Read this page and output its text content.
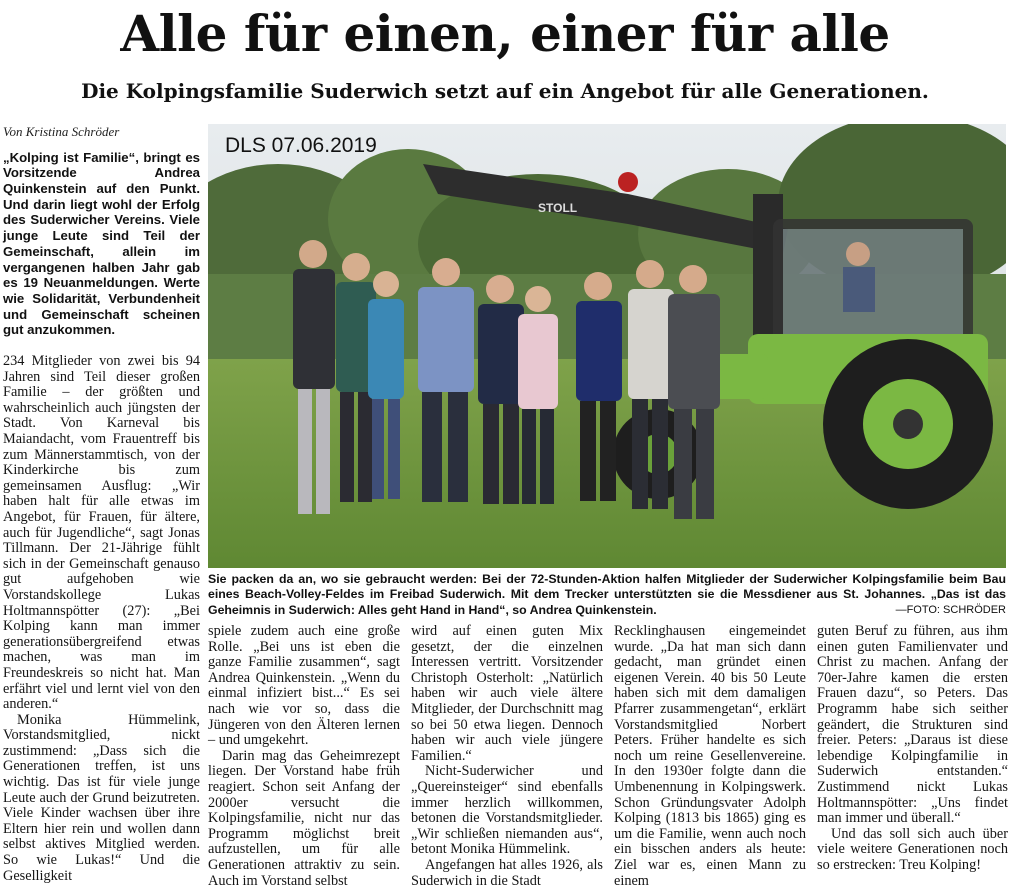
Alle für einen, einer für alle
Die Kolpingsfamilie Suderwich setzt auf ein Angebot für alle Generationen.
Von Kristina Schröder
„Kolping ist Familie“, bringt es Vorsitzende Andrea Quinkenstein auf den Punkt. Und darin liegt wohl der Erfolg des Suderwicher Vereins. Viele junge Leute sind Teil der Gemeinschaft, allein im vergangenen halben Jahr gab es 19 Neuanmeldungen. Werte wie Solidarität, Verbundenheit und Gemeinschaft scheinen gut anzukommen.

234 Mitglieder von zwei bis 94 Jahren sind Teil dieser großen Familie – der größten und wahrscheinlich auch jüngsten der Stadt. Von Karneval bis Maiandacht, vom Frauentreff bis zum Männerstammtisch, von der Kinderkirche bis zum gemeinsamen Ausflug: „Wir haben halt für alle etwas im Angebot, für Frauen, für ältere, auch für Jugendliche“, sagt Jonas Tillmann. Der 21-Jährige fühlt sich in der Gemeinschaft genauso gut aufgehoben wie Vorstandskollege Lukas Holtmannspötter (27): „Bei Kolping kann man immer generationsübergreifend etwas machen, was man im Freundeskreis so nicht hat. Man erfährt viel und lernt viel von den anderen.“

Monika Hümmelink, Vorstandsmitglied, nickt zustimmend: „Dass sich die Generationen treffen, ist uns wichtig. Das ist für viele junge Leute auch der Grund beizutreten. Viele Kinder wachsen über ihre Eltern hier rein und wollen dann selbst aktives Mitglied werden. So wie Lukas!“ Und die Geselligkeit

STOLL
DLS 07.06.2019
Sie packen da an, wo sie gebraucht werden: Bei der 72-Stunden-Aktion halfen Mitglieder der Suderwicher Kolpingsfamilie beim Bau eines Beach-Volley-Feldes im Freibad Suderwich. Mit dem Trecker unterstützten sie die Messdiener aus St. Johannes. „Das ist das Geheimnis in Suderwich: Alles geht Hand in Hand“, so Andrea Quinkenstein.	—FOTO: SCHRÖDER

spiele zudem auch eine große Rolle. „Bei uns ist eben die ganze Familie zusammen“, sagt Andrea Quinkenstein. „Wenn du einmal infiziert bist...“ Es sei nach wie vor so, dass die Jüngeren von den Älteren lernen – und umgekehrt.

Darin mag das Geheimrezept liegen. Der Vorstand habe früh reagiert. Schon seit Anfang der 2000er versucht die Kolpingsfamilie, nicht nur das Programm möglichst breit aufzustellen, um für alle Generationen attraktiv zu sein. Auch im Vorstand selbst

wird auf einen guten Mix gesetzt, der die einzelnen Interessen vertritt. Vorsitzender Christoph Osterholt: „Natürlich haben wir auch viele ältere Mitglieder, der Durchschnitt mag so bei 50 etwa liegen. Dennoch haben wir auch viele jüngere Familien.“

Nicht-Suderwicher und „Quereinsteiger“ sind ebenfalls immer herzlich willkommen, betonen die Vorstandsmitglieder. „Wir schließen niemanden aus“, betont Monika Hümmelink.

Angefangen hat alles 1926, als Suderwich in die Stadt

Recklinghausen eingemeindet wurde. „Da hat man sich dann gedacht, man gründet einen eigenen Verein. 40 bis 50 Leute haben sich mit dem damaligen Pfarrer zusammengetan“, erklärt Vorstandsmitglied Norbert Peters. Früher handelte es sich noch um reine Gesellenvereine. In den 1930er folgte dann die Umbenennung in Kolpingswerk. Schon Gründungsvater Adolph Kolping (1813 bis 1865) ging es um die Familie, wenn auch noch ein bisschen anders als heute: Ziel war es, einen Mann zu einem

guten Beruf zu führen, aus ihm einen guten Familienvater und Christ zu machen. Anfang der 70er-Jahre kamen die ersten Frauen dazu“, so Peters. Das Programm habe sich seither geändert, die Strukturen sind freier. Peters: „Daraus ist diese lebendige Kolpingfamilie in Suderwich entstanden.“ Zustimmend nickt Lukas Holtmannspötter: „Uns findet man immer und überall.“

Und das soll sich auch über viele weitere Generationen noch so erstrecken: Treu Kolping!
